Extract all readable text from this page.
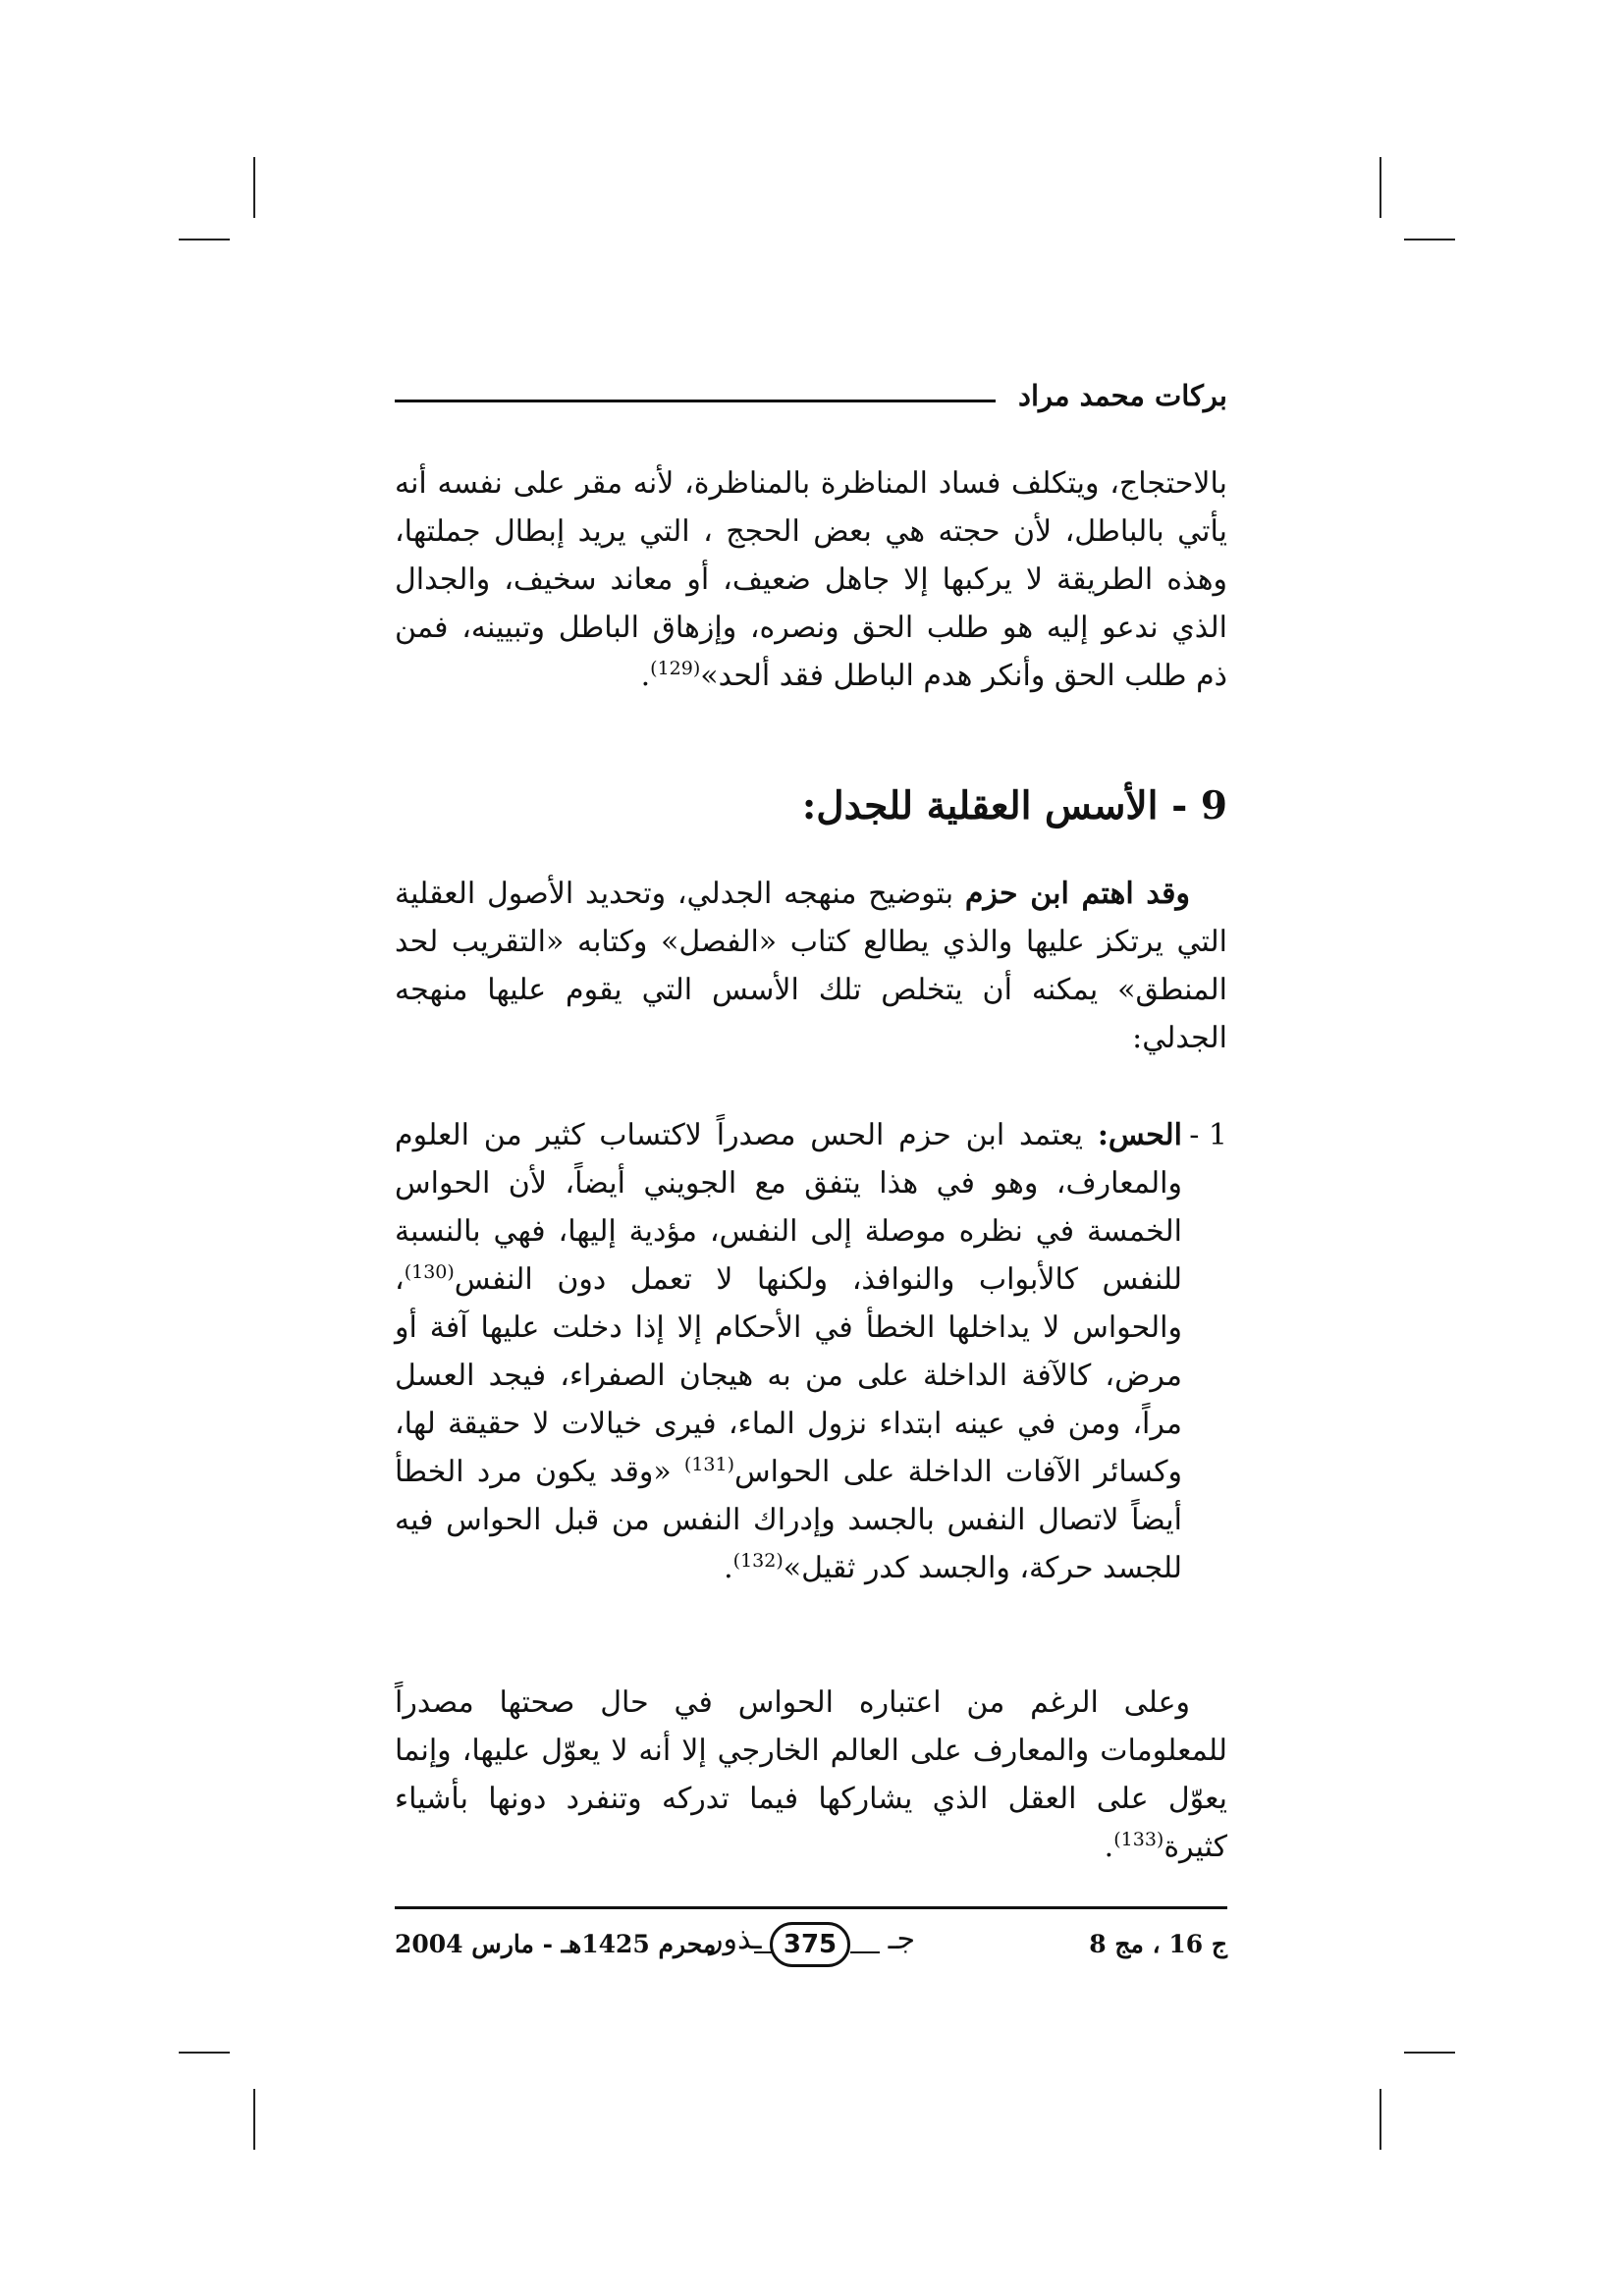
بركات محمد مراد

بالاحتجاج، ويتكلف فساد المناظرة بالمناظرة، لأنه مقر على نفسه أنه يأتي بالباطل، لأن حجته هي بعض الحجج ، التي يريد إبطال جملتها، وهذه الطريقة لا يركبها إلا جاهل ضعيف، أو معاند سخيف، والجدال الذي ندعو إليه هو طلب الحق ونصره، وإزهاق الباطل وتبيينه، فمن ذم طلب الحق وأنكر هدم الباطل فقد ألحد»$^{(129)}$.

9 - الأسس العقلية للجدل:

وقد اهتم ابن حزم بتوضيح منهجه الجدلي، وتحديد الأصول العقلية التي يرتكز عليها والذي يطالع كتاب «الفصل» وكتابه «التقريب لحد المنطق» يمكنه أن يتخلص تلك الأسس التي يقوم عليها منهجه الجدلي:

1 -
الحس: يعتمد ابن حزم الحس مصدراً لاكتساب كثير من العلوم والمعارف، وهو في هذا يتفق مع الجويني أيضاً، لأن الحواس الخمسة في نظره موصلة إلى النفس، مؤدية إليها، فهي بالنسبة للنفس كالأبواب والنوافذ، ولكنها لا تعمل دون النفس$^{(130)}$، والحواس لا يداخلها الخطأ في الأحكام إلا إذا دخلت عليها آفة أو مرض، كالآفة الداخلة على من به هيجان الصفراء، فيجد العسل مراً، ومن في عينه ابتداء نزول الماء، فيرى خيالات لا حقيقة لها، وكسائر الآفات الداخلة على الحواس$^{(131)}$ «وقد يكون مرد الخطأ أيضاً لاتصال النفس بالجسد وإدراك النفس من قبل الحواس فيه للجسد حركة، والجسد كدر ثقيل»$^{(132)}$.

وعلى الرغم من اعتباره الحواس في حال صحتها مصدراً للمعلومات والمعارف على العالم الخارجي إلا أنه لا يعوّل عليها، وإنما يعوّل على العقل الذي يشاركها فيما تدركه وتنفرد دونها بأشياء كثيرة$^{(133)}$.

ج 16 ، مج 8
جـ
375
ـذور
محرم 1425هـ - مارس 2004
